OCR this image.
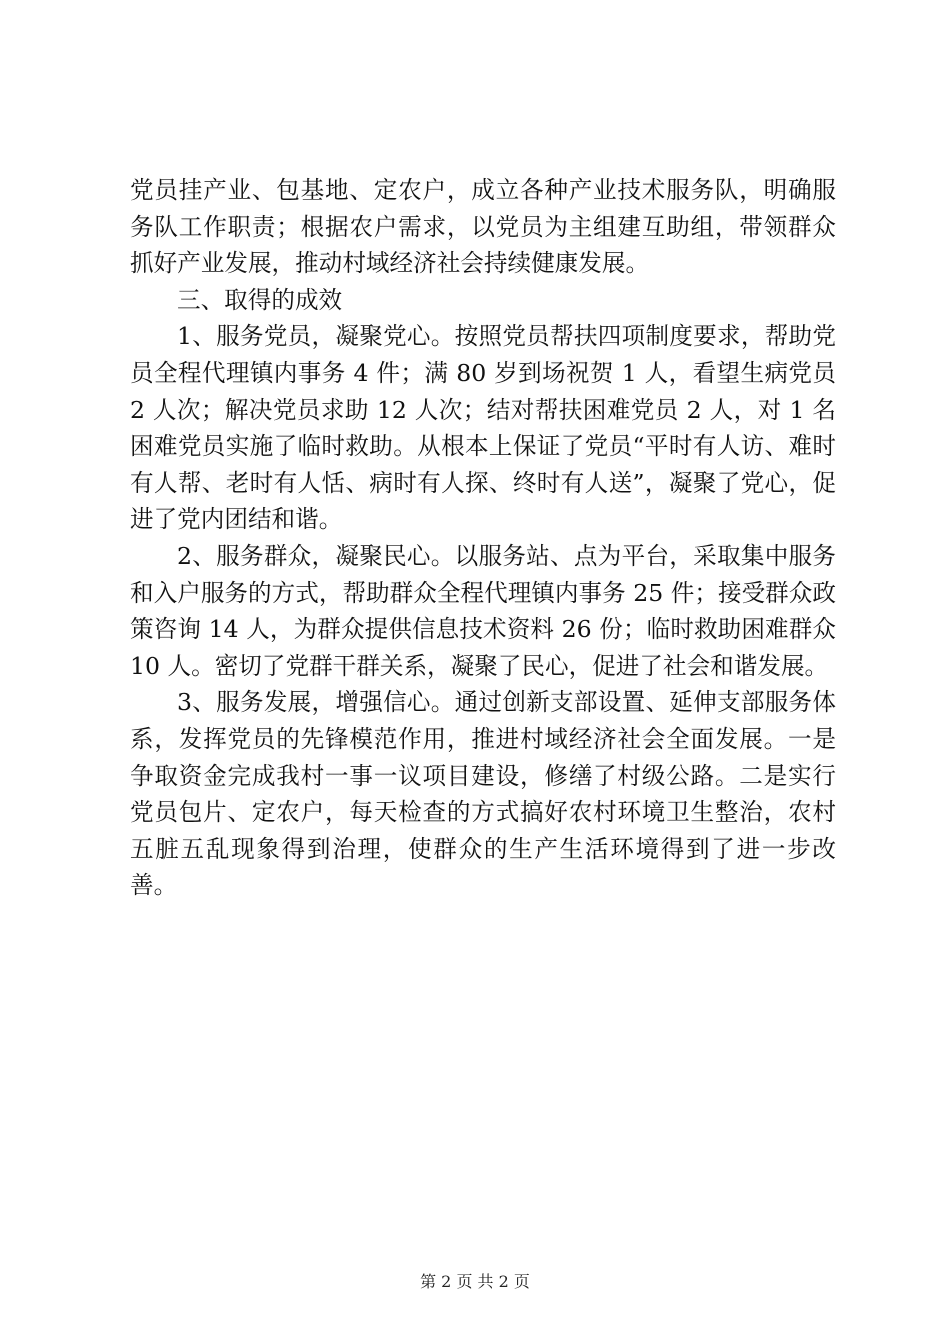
党员挂产业、包基地、定农户，成立各种产业技术服务队，明确服务队工作职责；根据农户需求，以党员为主组建互助组，带领群众抓好产业发展，推动村域经济社会持续健康发展。

三、取得的成效

1、服务党员，凝聚党心。按照党员帮扶四项制度要求，帮助党员全程代理镇内事务 4 件；满 80 岁到场祝贺 1 人，看望生病党员 2 人次；解决党员求助 12 人次；结对帮扶困难党员 2 人，对 1 名困难党员实施了临时救助。从根本上保证了党员“平时有人访、难时有人帮、老时有人恬、病时有人探、终时有人送”，凝聚了党心，促进了党内团结和谐。

2、服务群众，凝聚民心。以服务站、点为平台，采取集中服务和入户服务的方式，帮助群众全程代理镇内事务 25 件；接受群众政策咨询 14 人，为群众提供信息技术资料 26 份；临时救助困难群众 10 人。密切了党群干群关系，凝聚了民心，促进了社会和谐发展。

3、服务发展，增强信心。通过创新支部设置、延伸支部服务体系，发挥党员的先锋模范作用，推进村域经济社会全面发展。一是争取资金完成我村一事一议项目建设，修缮了村级公路。二是实行党员包片、定农户，每天检查的方式搞好农村环境卫生整治，农村五脏五乱现象得到治理，使群众的生产生活环境得到了进一步改善。

第 2 页 共 2 页
